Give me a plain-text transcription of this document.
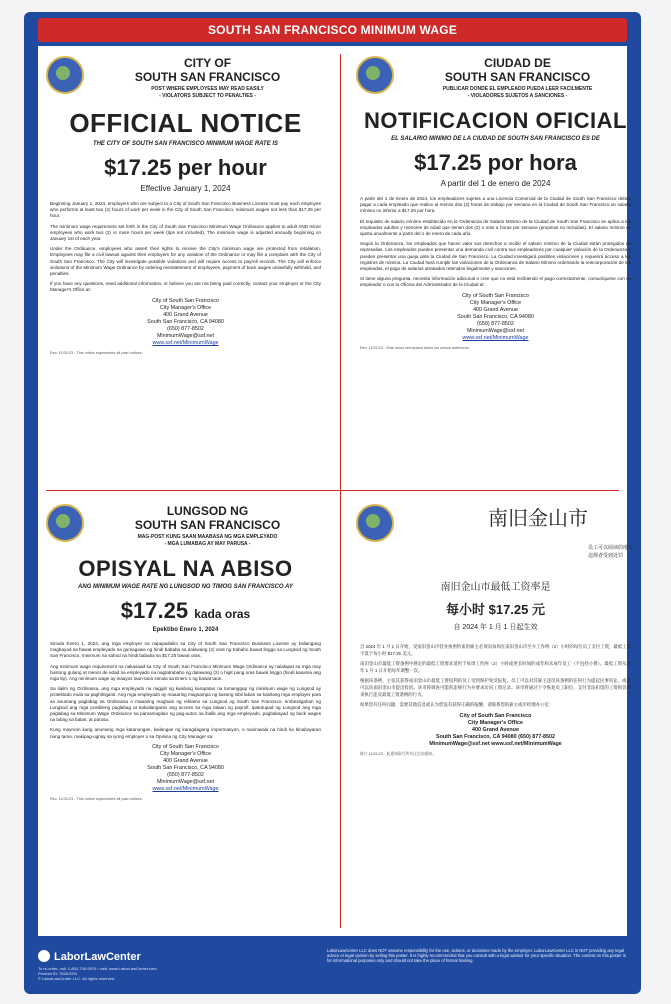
SOUTH SAN FRANCISCO MINIMUM WAGE
CITY OF
SOUTH SAN FRANCISCO
POST WHERE EMPLOYEES MAY READ EASILY
- VIOLATORS SUBJECT TO PENALTIES -
OFFICIAL NOTICE
THE CITY OF SOUTH SAN FRANCISCO MINIMUM WAGE RATE IS
$17.25 per hour
Effective January 1, 2024

Beginning January 1, 2024, employers who are subject to a City of South San Francisco Business License must pay each employee who performs at least two (2) hours of work per week in the City of South San Francisco, minimum wages not less than $17.25 per hour.

The minimum wage requirement set forth in the City of South San Francisco Minimum Wage Ordinance applies to adult AND minor employees who work two (2) or more hours per week (tips not included). The minimum wage is adjusted annually beginning on January 1st of each year.

Under the Ordinance, employees who assert their rights to receive the City's minimum wage are protected from retaliation. Employees may file a civil lawsuit against their employers for any violation of the Ordinance or may file a complaint with the City of South San Francisco. The City will investigate possible violations and will require access to payroll records. The City will enforce violations of the Minimum Wage Ordinance by ordering reinstatement of employees, payment of back wages unlawfully withheld, and penalties.

If you have any questions, need additional information, or believe you are not being paid correctly, contact your employer or the City Manager's Office at:

City of South San Francisco
City Manager's Office
400 Grand Avenue
South San Francisco, CA 94080
(650) 877-8502
MinimumWage@ssf.net
www.ssf.net/MinimumWage
Rev. 11/01/23 - This notice supersedes all past notices.
CIUDAD DE
SOUTH SAN FRANCISCO
PUBLICAR DONDE EL EMPLEADO PUEDA LEER FACILMENTE
- VIOLADORES SUJETOS A SANCIONES -
NOTIFICACION OFICIAL
EL SALARIO MINIMO DE LA CIUDAD DE SOUTH SAN FRANCISCO ES DE
$17.25 por hora
A partir del 1 de enero de 2024

A partir del 1 de Enero de 2024, los empleadores sujetos a una Licencia Comercial de la Ciudad de South San Francisco deben pagar a cada empleado que realice al menos dos (2) horas de trabajo por semana en la Ciudad de South San Francisco un salario mínimo no inferior a $17.25 por hora.

El requisito de salario mínimo establecido en la Ordenanza de Salario Mínimo de la Ciudad de South San Francisco se aplica a los empleados adultos y menores de edad que tienen dos (2) o más a horas por semana (propinas no incluidas). El salario mínimo se ajusta anualmente a partir del 1 de enero de cada año.

Según la Ordenanza, los empleados que hacen valer sus derechos a recibir el salario mínimo de la Ciudad están protegidos de represalias. Los empleados pueden presentar una demanda civil contra sus empleadores por cualquier violación de la Ordenanza o pueden presentar una queja ante la Ciudad de San Francisco. La Ciudad investigará posibles violaciones y requerirá acceso a los registros de nómina. La Ciudad hará cumplir las violaciones de la Ordenanza de Salario Mínimo ordenando la reincorporación de los empleados, el pago de salarios atrasados retenidos ilegalmente y sanciones.

Si tiene alguna pregunta, necesita información adicional o cree que no está recibiendo el pago correctamente, comuníquese con su empleador o con la Oficina del Administrador de la Ciudad al:

City of South San Francisco
City Manager's Office
400 Grand Avenue
South San Francisco, CA 94080
(650) 877-8502
MinimumWage@ssf.net
www.ssf.net/MinimumWage
Rev. 11/01/23 - Este aviso reemplaza todos los avisos anteriores.
LUNGSOD NG
SOUTH SAN FRANCISCO
MAG-POST KUNG SAAN MAABASA NG MGA EMPLEYADO
- MGA LUMABAG AY MAY PARUSA -
OPISYAL NA ABISO
ANG MINIMUM WAGE RATE NG LUNGSOD NG TIMOG SAN FRANCISCO AY
$17.25 kada oras
Epektibo Enero 1, 2024

Simula Enero 1, 2024, ang mga employer na napapailalim sa City of South San Francisco Business License ay kailangang magbayad sa bawat empleyado na gumagawa ng hindi bababa sa dalawang (2) oras ng trabaho bawat linggo sa Lungsod ng South San Francisco, minimum na sahod na hindi bababa sa $17.25 bawat oras.

Ang minimum wage requirement na nakasaad sa City of South San Francisco Minimum Wage Ordinance ay nalalapat sa mga may hustong gulang at menor de edad na empleyado na nagtatrabaho ng dalawang (2) o higit pang oras bawat linggo (hindi kasama ang mga tip). Ang minimum wage ay inaayos taun-taon simula sa Enero 1 ng bawat taon.

Sa ilalim ng Ordinansa, ang mga empleyado na naggiit ng kanilang karapatan na tumanggap ng minimum wage ng Lungsod ay protektado mula sa paghihiganti. Ang mga empleyado ay maaaring magsampa ng kasong sibil laban sa kanilang mga employer para sa anumang paglabag sa Ordinansa o maaaring maghain ng reklamo sa Lungsod ng South San Francisco. Iimbestigahan ng Lungsod ang mga posibleng paglabag at kakailanganin ang access sa mga talaan ng payroll. Ipatutupad ng Lungsod ang mga paglabag sa Minimum Wage Ordinance sa pamamagitan ng pag-uutos na ibalik ang mga empleyado, pagbabayad ng back wages na labag sa batas, at parusa.

Kung mayroon kang anumang mga katanungan, kailangan ng karagdagang impormasyon, o naniniwala na hindi ka binabayaran nang tama, makipag-ugnay sa iyong employer o sa Opisina ng City Manager sa:

City of South San Francisco
City Manager's Office
400 Grand Avenue
South San Francisco, CA 94080
(650) 877-8502
MinimumWage@ssf.net
www.ssf.net/MinimumWage
Rev. 11/01/23 - This notice supersedes all past notices.
南旧金山市
员工可以阅读的地方
违规者受到处罚
南旧金山市最低工资率是
每小时 $17.25 元
自 2024 年 1 月 1 日起生效

自 2024 年 1 月 1 日开始，受南旧金山市营业执照约束的雇主必须向每周在南旧金山市至少工作两（2）小时的每位员工支付工资，最低工资不低于每小时 $17.25 美元。

南旧金山市最低工资条例中规定的最低工资要求适用于每周工作两（2）小时或更长时间的成年和未成年员工（不包括小费）。最低工资从每年 1 月 1 日开始每年调整一次。

根据该条例，主张其获得南旧金山市最低工资权利的员工受到保护免受报复。员工可以对其雇主违反该条例的任何行为提起民事诉讼，或者可以向南旧金山市提出投诉。该市将调查可能的违规行为并要求访问工资记录。该市将通过下令恢复员工职位、支付非法扣留的工资和罚款来执行违反最低工资条例的行为。

如果您有任何问题、需要其他信息或认为您没有获得正确的报酬，请联系您的雇主或市经理办公室：

City of South San Francisco
City Manager's Office
400 Grand Avenue
South San Francisco, CA 94080 (650) 877-8502
MinimumWage@ssf.net www.ssf.net/MinimumWage
修订 11/01/23 - 此通知取代所有过去的通知。
LaborLawCenter
To re-order, call: 1-800-745-9970 • visit: www.LaborLawCenter.com
Product ID: 7828-ES4
© LaborLawCenter LLC. All rights reserved.
LaborLawCenter LLC does NOT assume responsibility for the use, actions, or decisions made by the employer. LaborLawCenter LLC is NOT providing any legal advice or legal opinion by selling this poster. It is highly recommended that you consult with a legal advisor for your specific situation. The content on this poster is for informational purposes only and should not take the place of formal training.
